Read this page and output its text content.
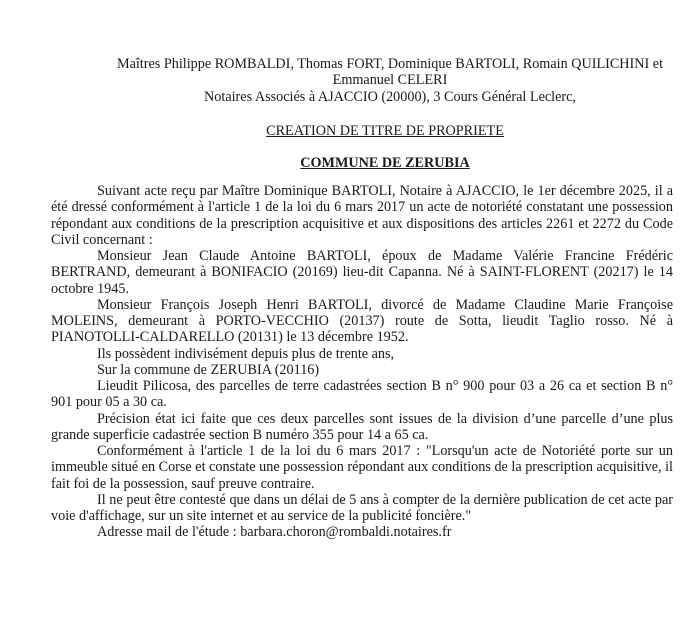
Maîtres Philippe ROMBALDI, Thomas FORT, Dominique BARTOLI, Romain QUILICHINI et
Emmanuel CELERI
Notaires Associés à AJACCIO (20000), 3 Cours Général Leclerc,
CREATION DE TITRE DE PROPRIETE
COMMUNE DE ZERUBIA

Suivant acte reçu par Maître Dominique BARTOLI, Notaire à AJACCIO, le 1er décembre 2025, il a été dressé conformément à l'article 1 de la loi du 6 mars 2017 un acte de notoriété constatant une possession répondant aux conditions de la prescription acquisitive et aux dispositions des articles 2261 et 2272 du Code Civil concernant :

Monsieur Jean Claude Antoine BARTOLI, époux de Madame Valérie Francine Frédéric BERTRAND, demeurant à BONIFACIO (20169) lieu-dit Capanna. Né à SAINT-FLORENT (20217) le 14 octobre 1945.

Monsieur François Joseph Henri BARTOLI, divorcé de Madame Claudine Marie Françoise MOLEINS, demeurant à PORTO-VECCHIO (20137) route de Sotta, lieudit Taglio rosso. Né à PIANOTOLLI-CALDARELLO (20131) le 13 décembre 1952.

Ils possèdent indivisément depuis plus de trente ans,

Sur la commune de ZERUBIA (20116)

Lieudit Pilicosa, des parcelles de terre cadastrées section B n° 900 pour 03 a 26 ca et section B n° 901 pour 05 a 30 ca.

Précision état ici faite que ces deux parcelles sont issues de la division d’une parcelle d’une plus grande superficie cadastrée section B numéro 355 pour 14 a 65 ca.

Conformément à l'article 1 de la loi du 6 mars 2017 : "Lorsqu'un acte de Notoriété porte sur un immeuble situé en Corse et constate une possession répondant aux conditions de la prescription acquisitive, il fait foi de la possession, sauf preuve contraire.

Il ne peut être contesté que dans un délai de 5 ans à compter de la dernière publication de cet acte par voie d'affichage, sur un site internet et au service de la publicité foncière."

Adresse mail de l'étude : barbara.choron@rombaldi.notaires.fr
